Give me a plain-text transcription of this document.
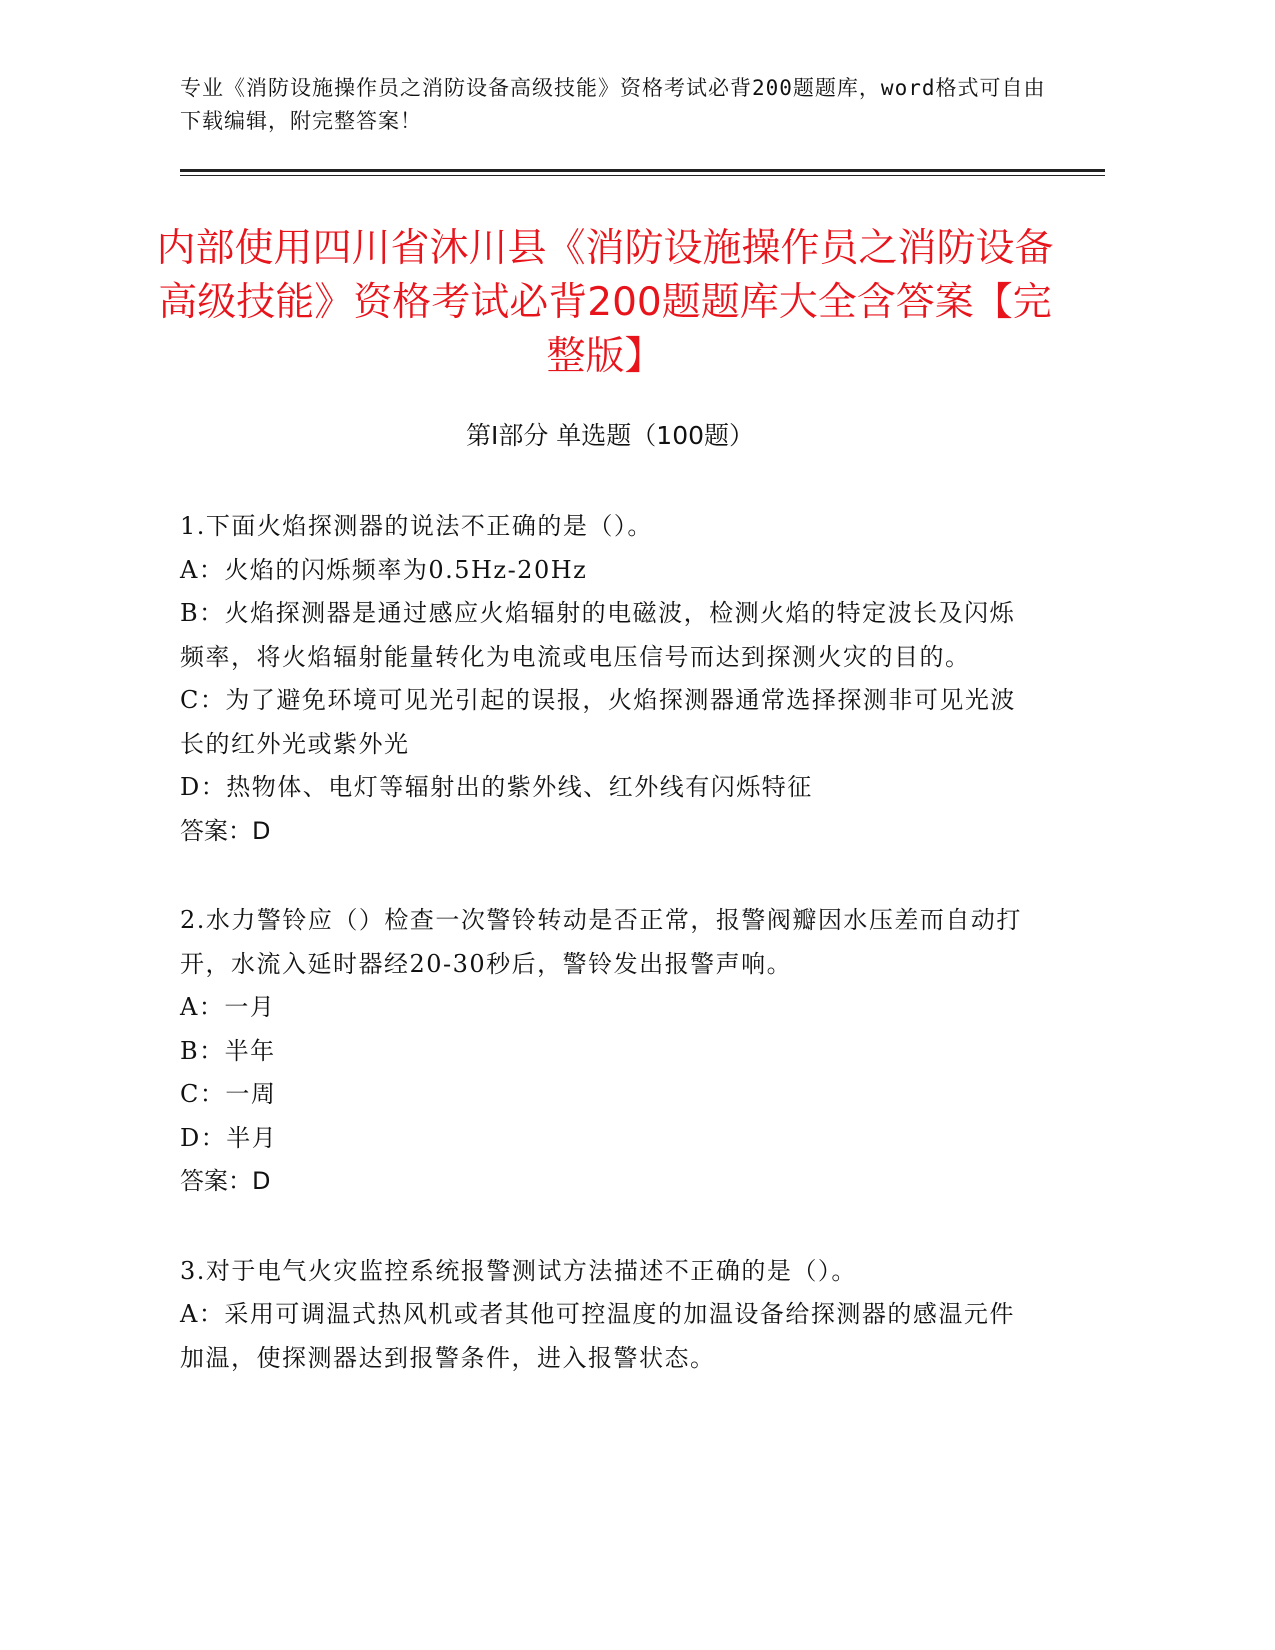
专业《消防设施操作员之消防设备高级技能》资格考试必背200题题库，word格式可自由下载编辑，附完整答案！
内部使用四川省沐川县《消防设施操作员之消防设备高级技能》资格考试必背200题题库大全含答案【完整版】
第I部分 单选题（100题）

1.下面火焰探测器的说法不正确的是（）。

A：火焰的闪烁频率为0.5Hz-20Hz

B：火焰探测器是通过感应火焰辐射的电磁波，检测火焰的特定波长及闪烁频率，将火焰辐射能量转化为电流或电压信号而达到探测火灾的目的。

C：为了避免环境可见光引起的误报，火焰探测器通常选择探测非可见光波长的红外光或紫外光

D：热物体、电灯等辐射出的紫外线、红外线有闪烁特征

答案：D

2.水力警铃应（）检查一次警铃转动是否正常，报警阀瓣因水压差而自动打开，水流入延时器经20-30秒后，警铃发出报警声响。

A：一月

B：半年

C：一周

D：半月

答案：D

3.对于电气火灾监控系统报警测试方法描述不正确的是（）。

A：采用可调温式热风机或者其他可控温度的加温设备给探测器的感温元件加温，使探测器达到报警条件，进入报警状态。
